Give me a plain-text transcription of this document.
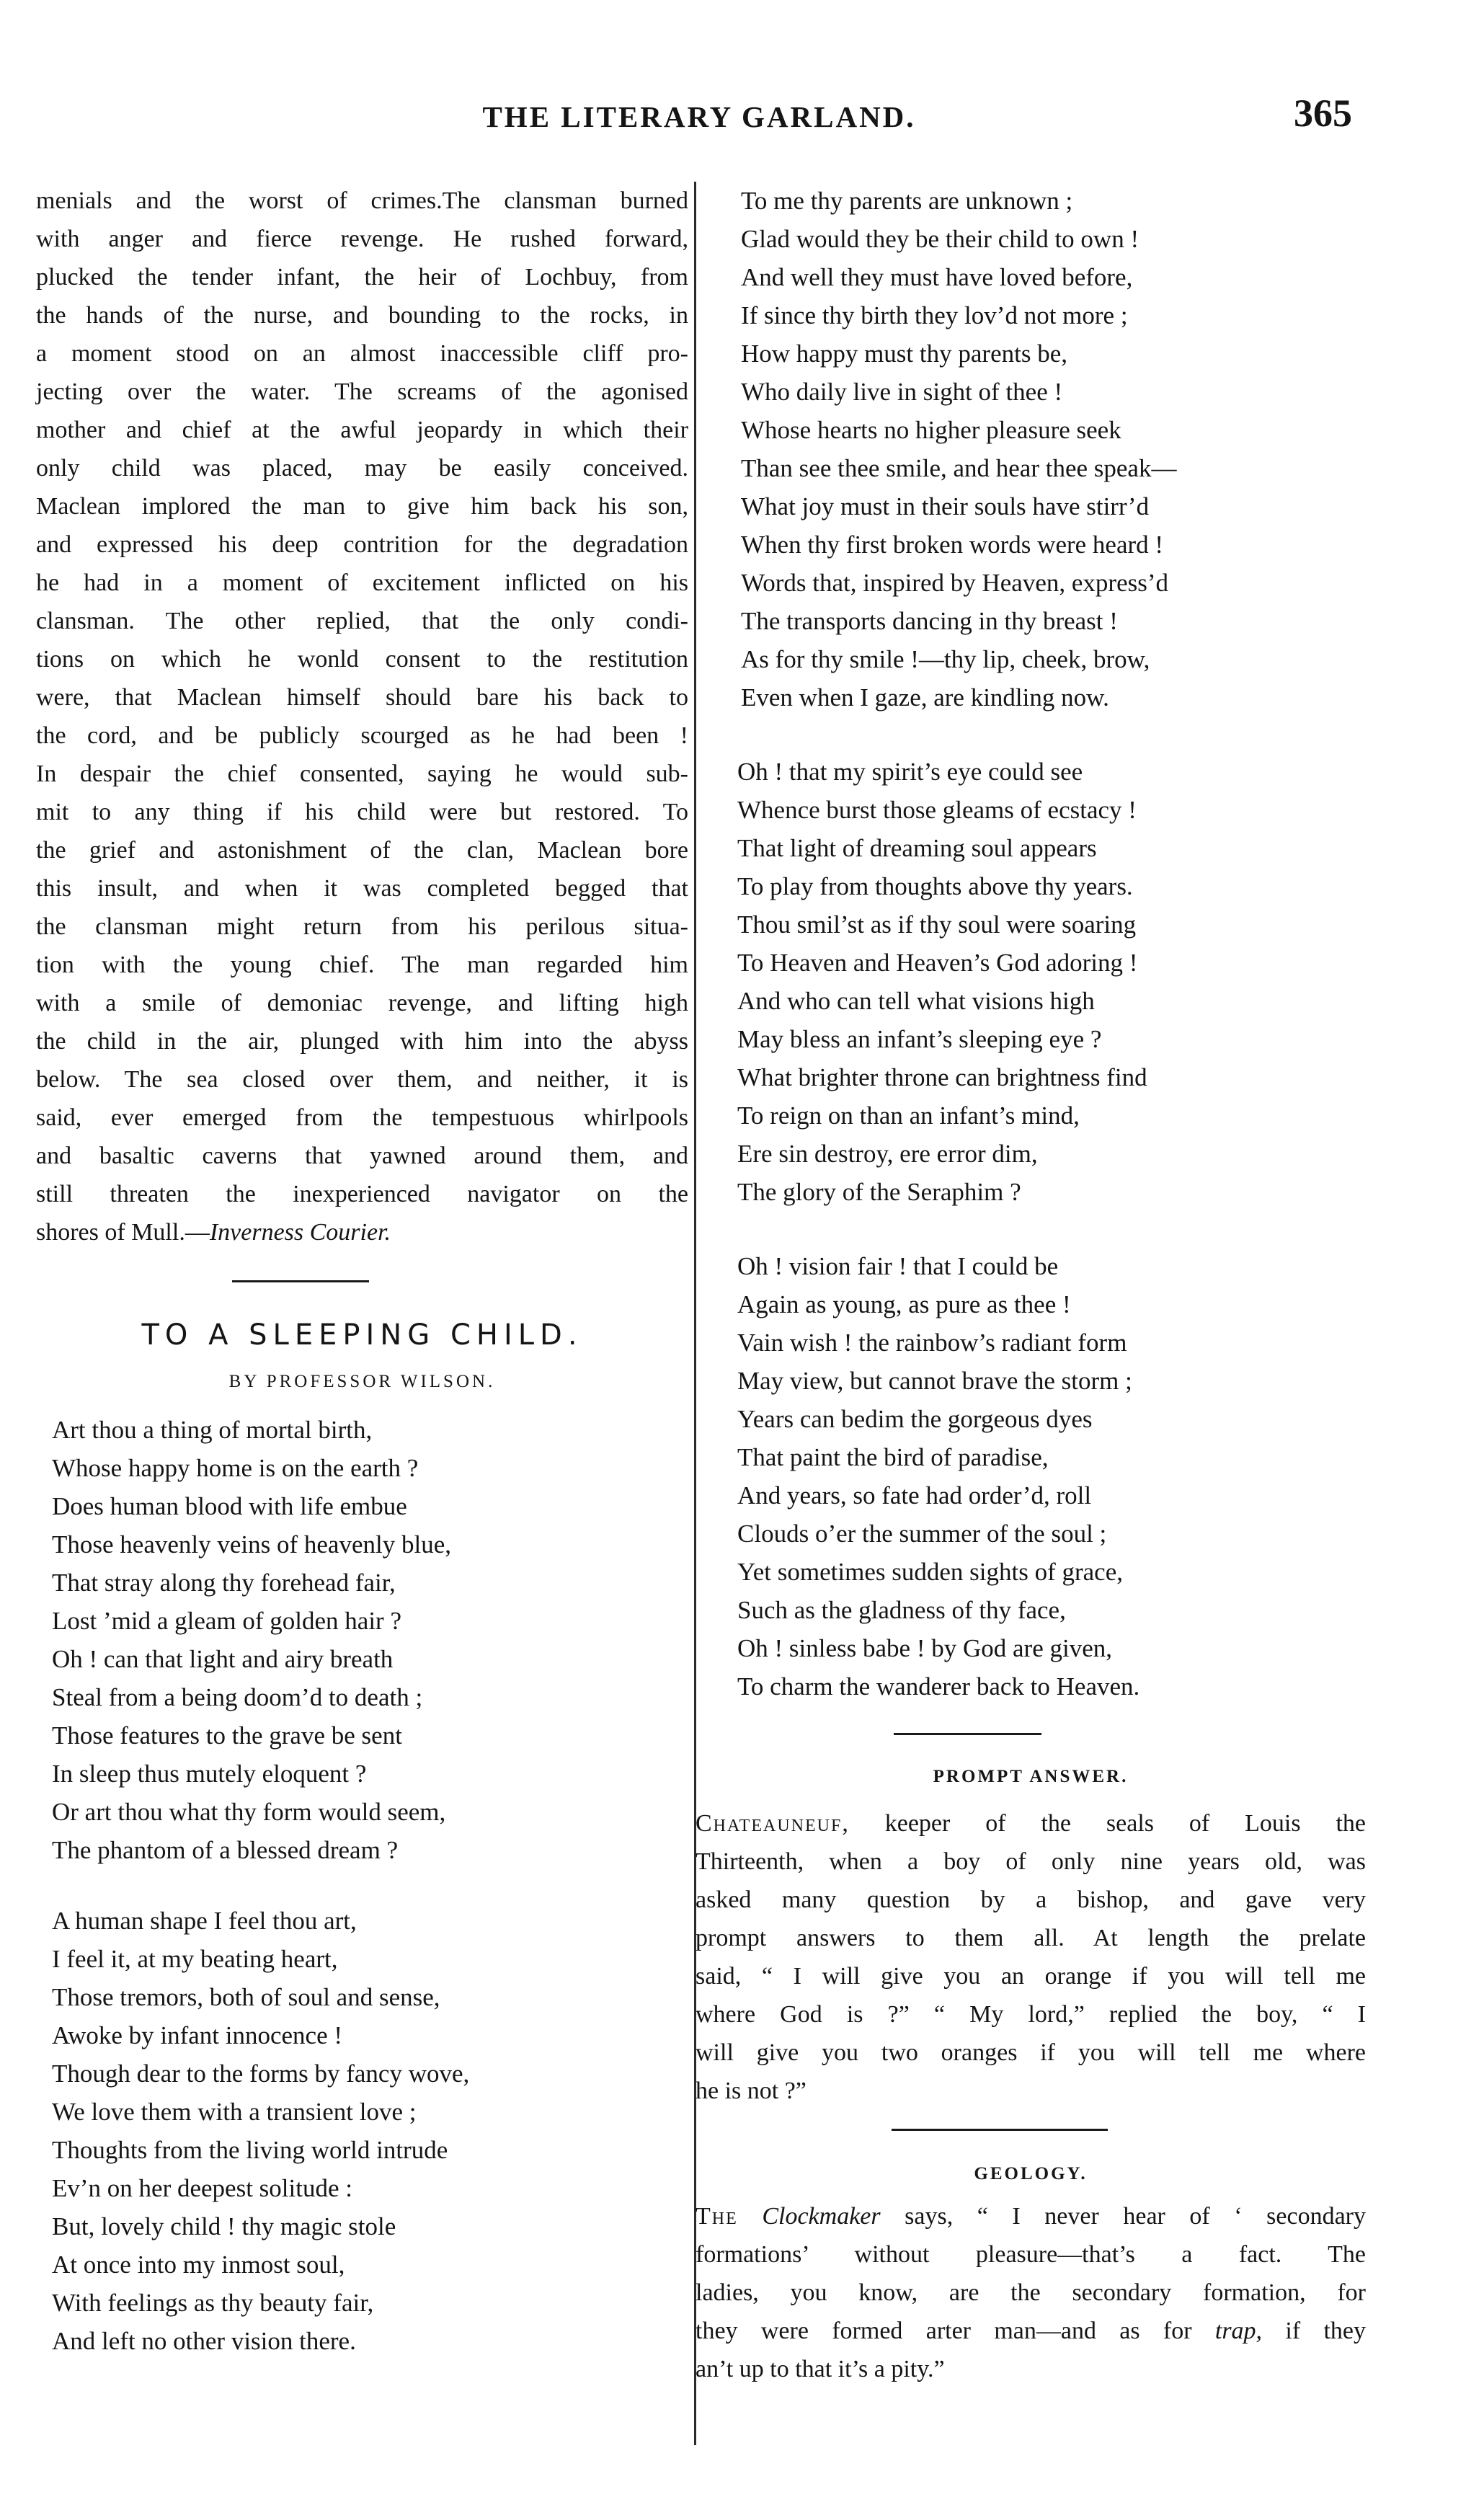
THE LITERARY GARLAND.	365

menials and the worst of crimes.The clansman burned

with anger and fierce revenge. He rushed forward,

plucked the tender infant, the heir of Lochbuy, from

the hands of the nurse, and bounding to the rocks, in

a moment stood on an almost inaccessible cliff pro-

jecting over the water. The screams of the agonised

mother and chief at the awful jeopardy in which their

only child was placed, may be easily conceived.

Maclean implored the man to give him back his son,

and expressed his deep contrition for the degradation

he had in a moment of excitement inflicted on his

clansman. The other replied, that the only condi-

tions on which he wonld consent to the restitution

were, that Maclean himself should bare his back to

the cord, and be publicly scourged as he had been !

In despair the chief consented, saying he would sub-

mit to any thing if his child were but restored. To

the grief and astonishment of the clan, Maclean bore

this insult, and when it was completed begged that

the clansman might return from his perilous situa-

tion with the young chief. The man regarded him

with a smile of demoniac revenge, and lifting high

the child in the air, plunged with him into the abyss

below. The sea closed over them, and neither, it is

said, ever emerged from the tempestuous whirlpools

and basaltic caverns that yawned around them, and

still threaten the inexperienced navigator on the

shores of Mull.—Inverness Courier.

TO A SLEEPING CHILD.
BY PROFESSOR WILSON.
Art thou a thing of mortal birth,
Whose happy home is on the earth ?
Does human blood with life embue
Those heavenly veins of heavenly blue,
That stray along thy forehead fair,
Lost ’mid a gleam of golden hair ?
Oh ! can that light and airy breath
Steal from a being doom’d to death ;
Those features to the grave be sent
In sleep thus mutely eloquent ?
Or art thou what thy form would seem,
The phantom of a blessed dream ?
A human shape I feel thou art,
I feel it, at my beating heart,
Those tremors, both of soul and sense,
Awoke by infant innocence !
Though dear to the forms by fancy wove,
We love them with a transient love ;
Thoughts from the living world intrude
Ev’n on her deepest solitude :
But, lovely child ! thy magic stole
At once into my inmost soul,
With feelings as thy beauty fair,
And left no other vision there.
To me thy parents are unknown ;
Glad would they be their child to own !
And well they must have loved before,
If since thy birth they lov’d not more ;
How happy must thy parents be,
Who daily live in sight of thee !
Whose hearts no higher pleasure seek
Than see thee smile, and hear thee speak—
What joy must in their souls have stirr’d
When thy first broken words were heard !
Words that, inspired by Heaven, express’d
The transports dancing in thy breast !
As for thy smile !—thy lip, cheek, brow,
Even when I gaze, are kindling now.
Oh ! that my spirit’s eye could see
Whence burst those gleams of ecstacy !
That light of dreaming soul appears
To play from thoughts above thy years.
Thou smil’st as if thy soul were soaring
To Heaven and Heaven’s God adoring !
And who can tell what visions high
May bless an infant’s sleeping eye ?
What brighter throne can brightness find
To reign on than an infant’s mind,
Ere sin destroy, ere error dim,
The glory of the Seraphim ?
Oh ! vision fair ! that I could be
Again as young, as pure as thee !
Vain wish ! the rainbow’s radiant form
May view, but cannot brave the storm ;
Years can bedim the gorgeous dyes
That paint the bird of paradise,
And years, so fate had order’d, roll
Clouds o’er the summer of the soul ;
Yet sometimes sudden sights of grace,
Such as the gladness of thy face,
Oh ! sinless babe ! by God are given,
To charm the wanderer back to Heaven.
PROMPT ANSWER.

Chateauneuf, keeper of the seals of Louis the

Thirteenth, when a boy of only nine years old, was

asked many question by a bishop, and gave very

prompt answers to them all. At length the prelate

said, “ I will give you an orange if you will tell me

where God is ?” “ My lord,” replied the boy, “ I

will give you two oranges if you will tell me where

he is not ?”

GEOLOGY.

The Clockmaker says, “ I never hear of ‘ secondary

formations’ without pleasure—that’s a fact. The

ladies, you know, are the secondary formation, for

they were formed arter man—and as for trap, if they

an’t up to that it’s a pity.”
